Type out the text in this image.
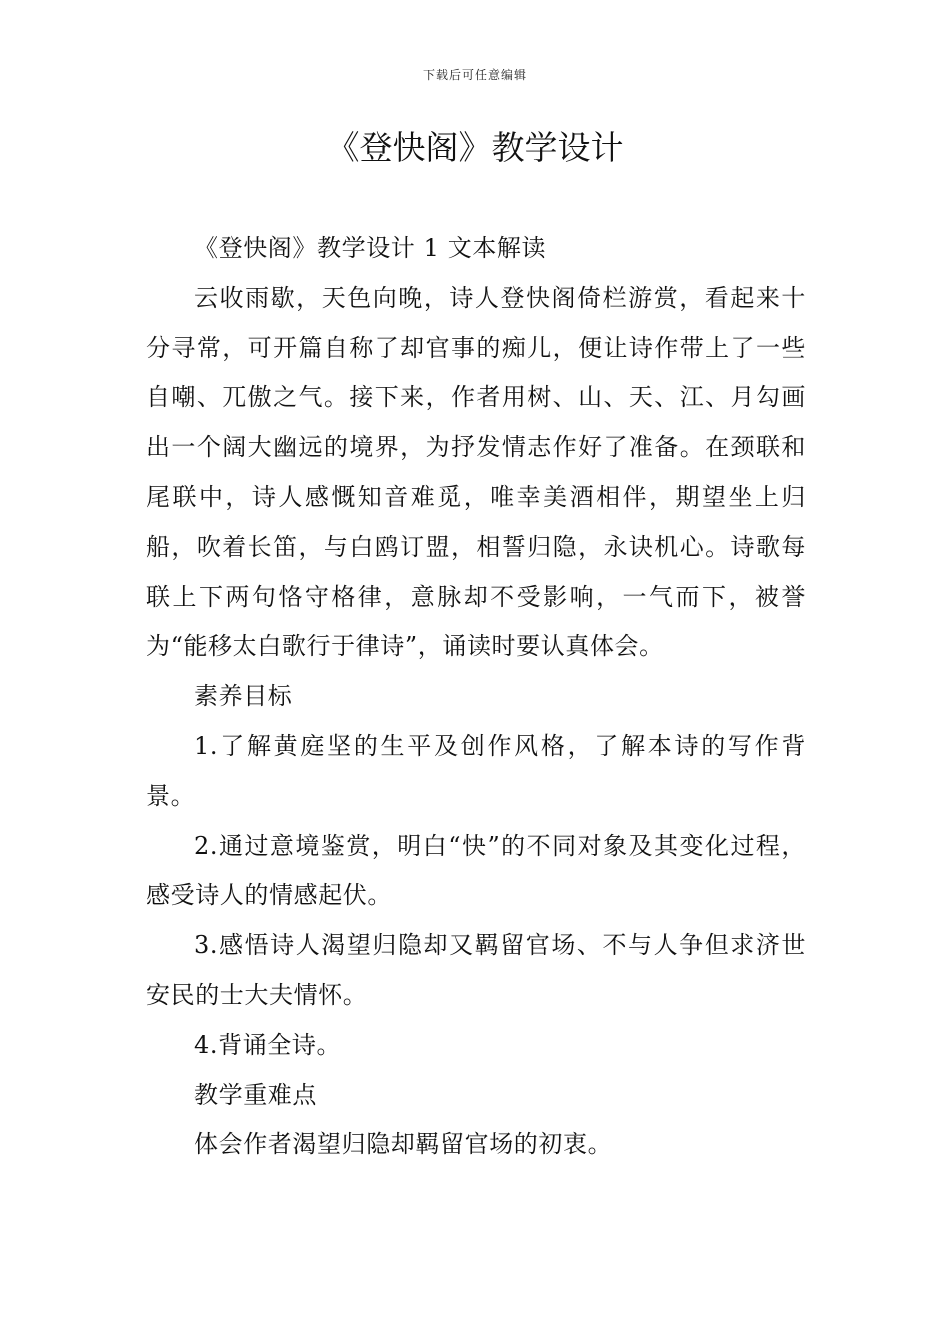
下载后可任意编辑
《登快阁》教学设计

《登快阁》教学设计 1 文本解读

云收雨歇，天色向晚，诗人登快阁倚栏游赏，看起来十分寻常，可开篇自称了却官事的痴儿，便让诗作带上了一些自嘲、兀傲之气。接下来，作者用树、山、天、江、月勾画出一个阔大幽远的境界，为抒发情志作好了准备。在颈联和尾联中，诗人感慨知音难觅，唯幸美酒相伴，期望坐上归船，吹着长笛，与白鸥订盟，相誓归隐，永诀机心。诗歌每联上下两句恪守格律，意脉却不受影响，一气而下，被誉为“能移太白歌行于律诗”，诵读时要认真体会。

素养目标

1.了解黄庭坚的生平及创作风格，了解本诗的写作背景。

2.通过意境鉴赏，明白“快”的不同对象及其变化过程，感受诗人的情感起伏。

3.感悟诗人渴望归隐却又羁留官场、不与人争但求济世安民的士大夫情怀。

4.背诵全诗。

教学重难点

体会作者渴望归隐却羁留官场的初衷。
